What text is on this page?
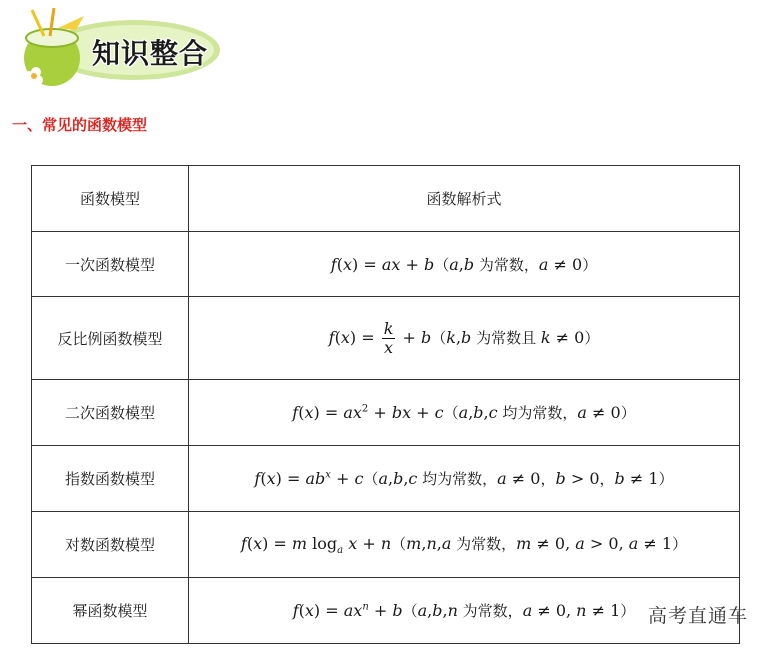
知识整合
一、常见的函数模型
函数模型	函数解析式
一次函数模型	f(x) = ax + b（a,b 为常数，a ≠ 0）
反比例函数模型	$f(x) = \frac{k}{x} + b(k,b$ 为常数且 k ≠ 0）
二次函数模型	$f(x) = ax^2$ + bx + c（a,b,c 均为常数，a ≠ 0）
指数函数模型	$f(x) = ab^x + c(a,b,c$ 均为常数，a ≠ 0，b > 0，b ≠ 1）
对数函数模型	f(x) = m $\log_a x + n(m,n,a$ 为常数，m ≠ 0, a > 0, a ≠ 1）
幂函数模型	$f(x) = ax^n + b(a,b,n$ 为常数，a ≠ 0, n ≠ 1） 高考直通车
